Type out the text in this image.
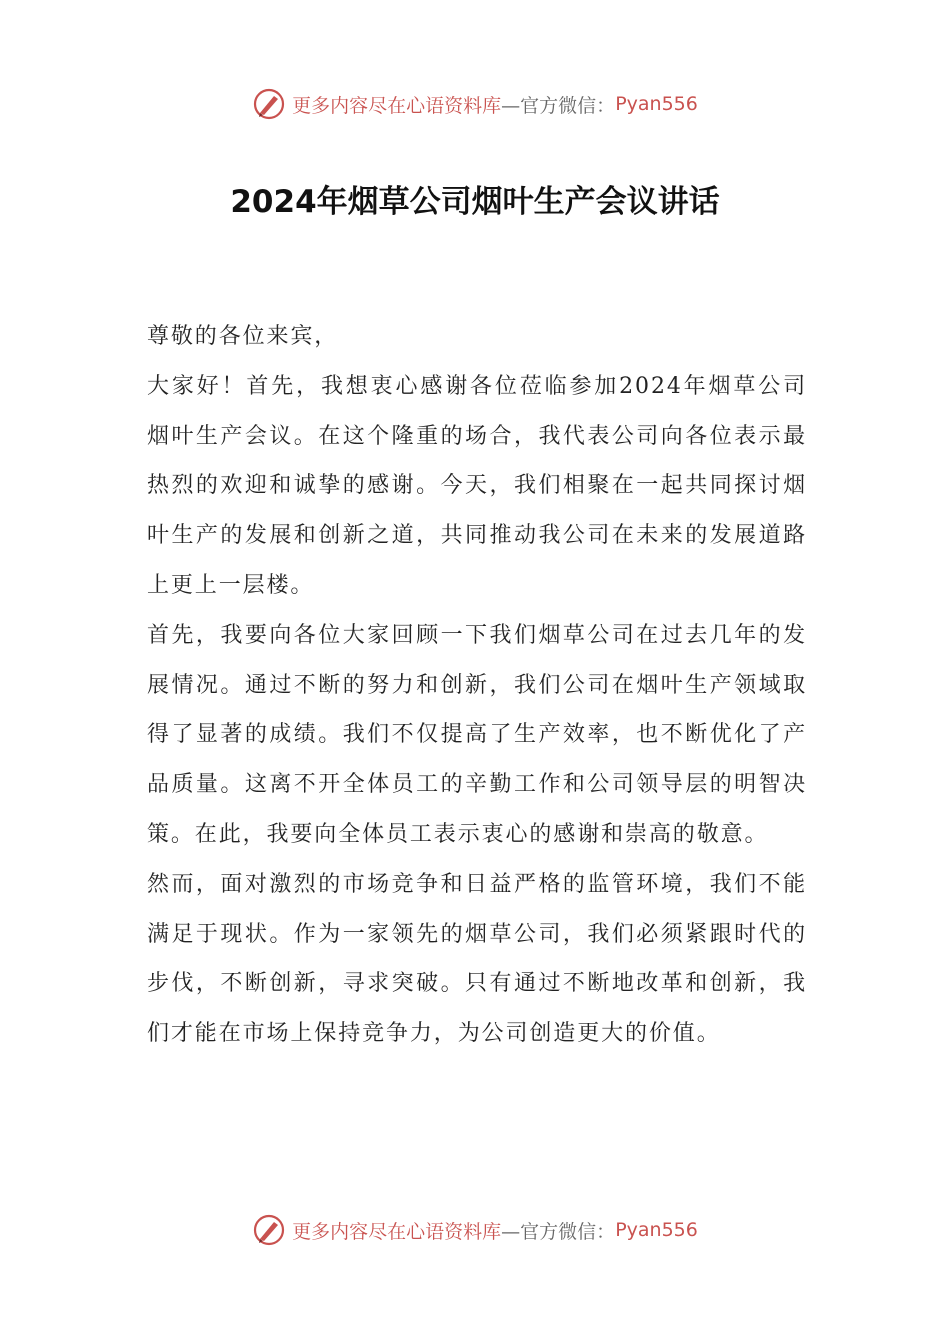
更多内容尽在心语资料库 —官方微信： Pyan556
2024年烟草公司烟叶生产会议讲话

尊敬的各位来宾，

大家好！首先，我想衷心感谢各位莅临参加2024年烟草公司烟叶生产会议。在这个隆重的场合，我代表公司向各位表示最热烈的欢迎和诚挚的感谢。今天，我们相聚在一起共同探讨烟叶生产的发展和创新之道，共同推动我公司在未来的发展道路上更上一层楼。

首先，我要向各位大家回顾一下我们烟草公司在过去几年的发展情况。通过不断的努力和创新，我们公司在烟叶生产领域取得了显著的成绩。我们不仅提高了生产效率，也不断优化了产品质量。这离不开全体员工的辛勤工作和公司领导层的明智决策。在此，我要向全体员工表示衷心的感谢和崇高的敬意。

然而，面对激烈的市场竞争和日益严格的监管环境，我们不能满足于现状。作为一家领先的烟草公司，我们必须紧跟时代的步伐，不断创新，寻求突破。只有通过不断地改革和创新，我们才能在市场上保持竞争力，为公司创造更大的价值。

更多内容尽在心语资料库 —官方微信： Pyan556
